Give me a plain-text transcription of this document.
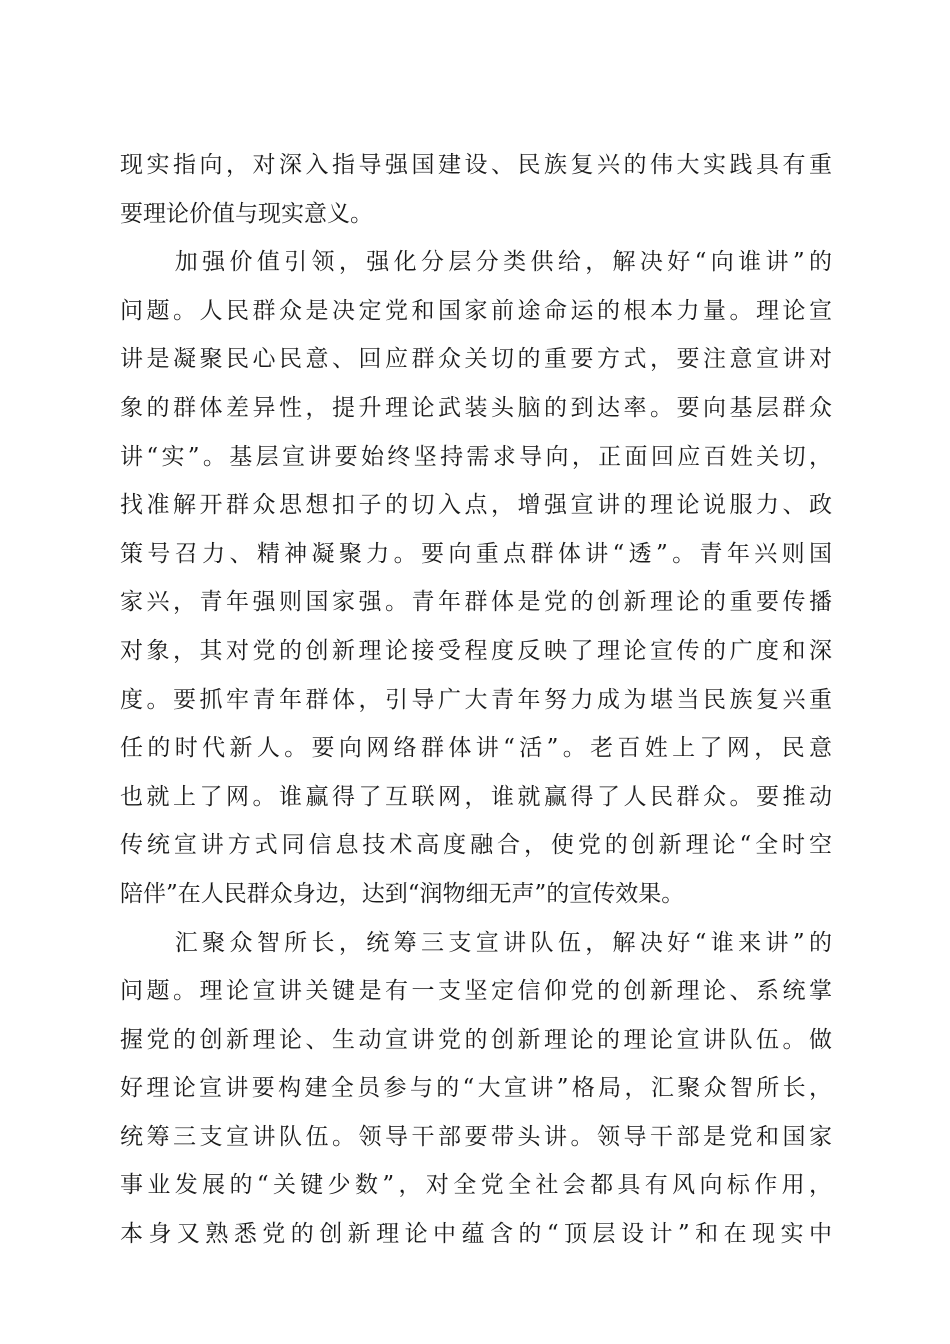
现实指向，对深入指导强国建设、民族复兴的伟大实践具有重
要理论价值与现实意义。
　　加强价值引领，强化分层分类供给，解决好“向谁讲”的
问题。人民群众是决定党和国家前途命运的根本力量。理论宣
讲是凝聚民心民意、回应群众关切的重要方式，要注意宣讲对
象的群体差异性，提升理论武装头脑的到达率。要向基层群众
讲“实”。基层宣讲要始终坚持需求导向，正面回应百姓关切，
找准解开群众思想扣子的切入点，增强宣讲的理论说服力、政
策号召力、精神凝聚力。要向重点群体讲“透”。青年兴则国
家兴，青年强则国家强。青年群体是党的创新理论的重要传播
对象，其对党的创新理论接受程度反映了理论宣传的广度和深
度。要抓牢青年群体，引导广大青年努力成为堪当民族复兴重
任的时代新人。要向网络群体讲“活”。老百姓上了网，民意
也就上了网。谁赢得了互联网，谁就赢得了人民群众。要推动
传统宣讲方式同信息技术高度融合，使党的创新理论“全时空
陪伴”在人民群众身边，达到“润物细无声”的宣传效果。
　　汇聚众智所长，统筹三支宣讲队伍，解决好“谁来讲”的
问题。理论宣讲关键是有一支坚定信仰党的创新理论、系统掌
握党的创新理论、生动宣讲党的创新理论的理论宣讲队伍。做
好理论宣讲要构建全员参与的“大宣讲”格局，汇聚众智所长，
统筹三支宣讲队伍。领导干部要带头讲。领导干部是党和国家
事业发展的“关键少数”，对全党全社会都具有风向标作用，
本身又熟悉党的创新理论中蕴含的“顶层设计”和在现实中
